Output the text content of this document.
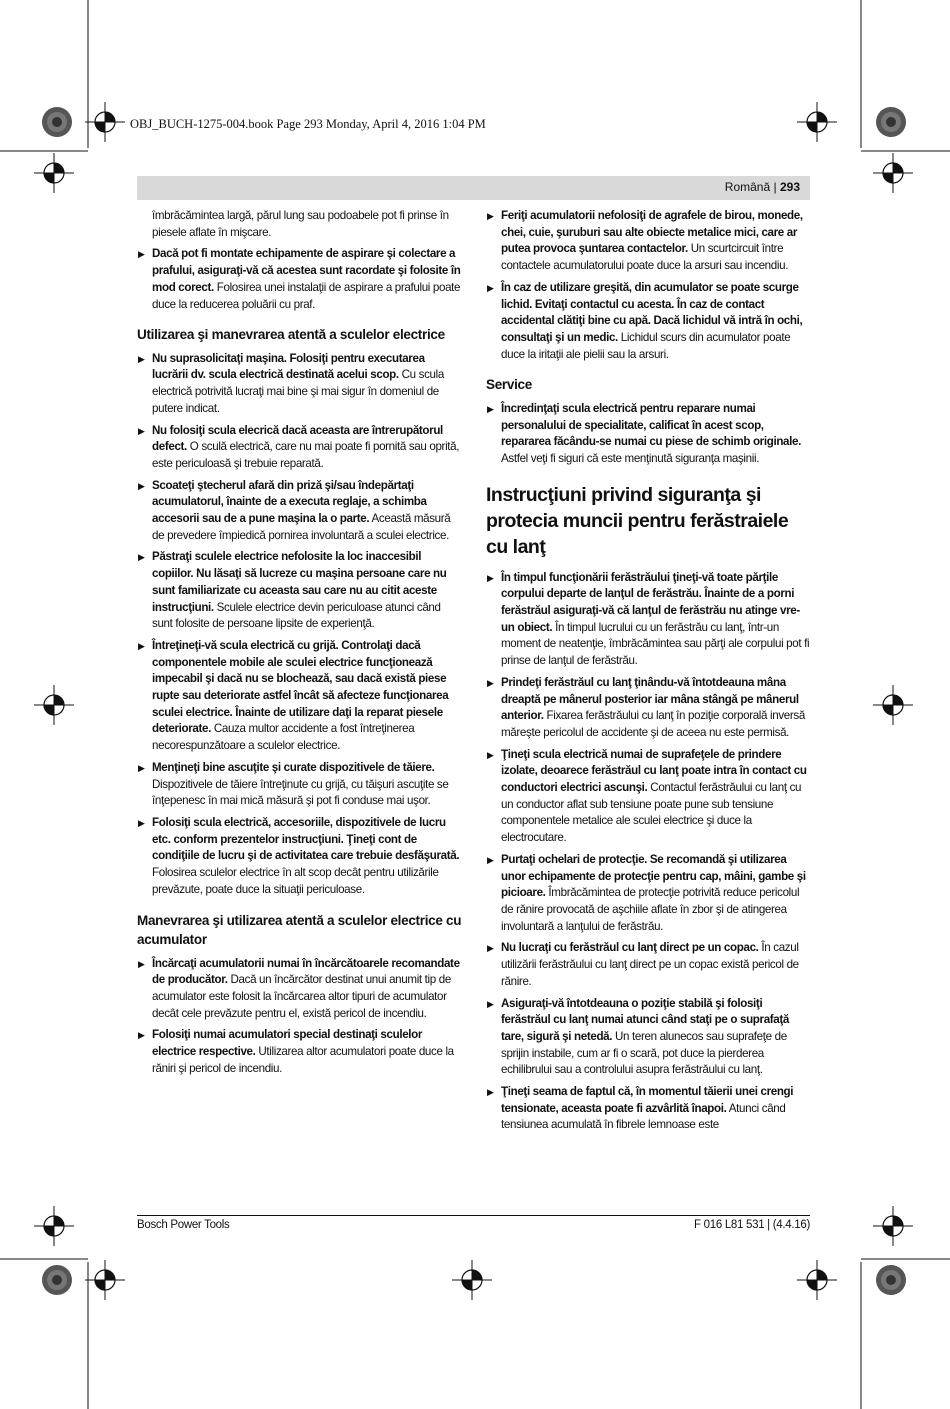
OBJ_BUCH-1275-004.book Page 293 Monday, April 4, 2016 1:04 PM
Română | 293
îmbrăcămintea largă, părul lung sau podoabele pot fi prinse în piesele aflate în mişcare.
▶ Dacă pot fi montate echipamente de aspirare şi colectare a prafului, asiguraţi-vă că acestea sunt racordate şi folosite în mod corect. Folosirea unei instalaţii de aspirare a prafului poate duce la reducerea poluării cu praf.
Utilizarea şi manevrarea atentă a sculelor electrice
▶ Nu suprasolicitaţi maşina. Folosiţi pentru executarea lucrării dv. scula electrică destinată acelui scop. Cu scula electrică potrivită lucraţi mai bine şi mai sigur în domeniul de putere indicat.
▶ Nu folosiţi scula elecrică dacă aceasta are întrerupătorul defect. O sculă electrică, care nu mai poate fi pornită sau oprită, este periculoasă şi trebuie reparată.
▶ Scoateţi ştecherul afară din priză şi/sau îndepărtaţi acumulatorul, înainte de a executa reglaje, a schimba accesorii sau de a pune maşina la o parte. Această măsură de prevedere împiedică pornirea involuntară a sculei electrice.
▶ Păstraţi sculele electrice nefolosite la loc inaccesibil copiilor. Nu lăsaţi să lucreze cu maşina persoane care nu sunt familiarizate cu aceasta sau care nu au citit aceste instrucţiuni. Sculele electrice devin periculoase atunci când sunt folosite de persoane lipsite de experienţă.
▶ Întreţineţi-vă scula electrică cu grijă. Controlaţi dacă componentele mobile ale sculei electrice funcţionează impecabil şi dacă nu se blochează, sau dacă există piese rupte sau deteriorate astfel încât să afecteze funcţionarea sculei electrice. Înainte de utilizare daţi la reparat piesele deteriorate. Cauza multor accidente a fost întreţinerea necorespunzătoare a sculelor electrice.
▶ Menţineţi bine ascuţite şi curate dispozitivele de tăiere. Dispozitivele de tăiere întreţinute cu grijă, cu tăişuri ascuţite se înţepenesc în mai mică măsură şi pot fi conduse mai uşor.
▶ Folosiţi scula electrică, accesoriile, dispozitivele de lucru etc. conform prezentelor instrucţiuni. Ţineţi cont de condiţiile de lucru şi de activitatea care trebuie desfăşurată. Folosirea sculelor electrice în alt scop decât pentru utilizările prevăzute, poate duce la situaţii periculoase.
Manevrarea şi utilizarea atentă a sculelor electrice cu acumulator
▶ Încărcaţi acumulatorii numai în încărcătoarele recomandate de producător. Dacă un încărcător destinat unui anumit tip de acumulator este folosit la încărcarea altor tipuri de acumulator decât cele prevăzute pentru el, există pericol de incendiu.
▶ Folosiţi numai acumulatori special destinaţi sculelor electrice respective. Utilizarea altor acumulatori poate duce la răniri şi pericol de incendiu.
▶ Feriţi acumulatorii nefolosiţi de agrafele de birou, monede, chei, cuie, şuruburi sau alte obiecte metalice mici, care ar putea provoca şuntarea contactelor. Un scurtcircuit între contactele acumulatorului poate duce la arsuri sau incendiu.
▶ În caz de utilizare greşită, din acumulator se poate scurge lichid. Evitaţi contactul cu acesta. În caz de contact accidental clătiţi bine cu apă. Dacă lichidul vă intră în ochi, consultaţi şi un medic. Lichidul scurs din acumulator poate duce la iritaţii ale pielii sau la arsuri.
Service
▶ Încredinţaţi scula electrică pentru reparare numai personalului de specialitate, calificat în acest scop, repararea făcându-se numai cu piese de schimb originale. Astfel veţi fi siguri că este menţinută siguranţa maşinii.
Instrucţiuni privind siguranţa şi protecia muncii pentru ferăstraiele cu lanţ
▶ În timpul funcţionării ferăstrăului ţineţi-vă toate părţile corpului departe de lanţul de ferăstrău. Înainte de a porni ferăstrăul asiguraţi-vă că lanţul de ferăstrău nu atinge vre-un obiect. În timpul lucrului cu un ferăstrău cu lanţ, într-un moment de neatenţie, îmbrăcămintea sau părţi ale corpului pot fi prinse de lanţul de ferăstrău.
▶ Prindeţi ferăstrăul cu lanţ ţinându-vă întotdeauna mâna dreaptă pe mânerul posterior iar mâna stângă pe mânerul anterior. Fixarea ferăstrăului cu lanţ în poziţie corporală inversă măreşte pericolul de accidente şi de aceea nu este permisă.
▶ Ţineţi scula electrică numai de suprafeţele de prindere izolate, deoarece ferăstrăul cu lanţ poate intra în contact cu conductori electrici ascunşi. Contactul ferăstrăului cu lanţ cu un conductor aflat sub tensiune poate pune sub tensiune componentele metalice ale sculei electrice şi duce la electrocutare.
▶ Purtaţi ochelari de protecţie. Se recomandă şi utilizarea unor echipamente de protecţie pentru cap, mâini, gambe şi picioare. Îmbrăcămintea de protecţie potrivită reduce pericolul de rănire provocată de aşchiile aflate în zbor şi de atingerea involuntară a lanţului de ferăstrău.
▶ Nu lucraţi cu ferăstrăul cu lanţ direct pe un copac. În cazul utilizării ferăstrăului cu lanţ direct pe un copac există pericol de rănire.
▶ Asiguraţi-vă întotdeauna o poziţie stabilă şi folosiţi ferăstrăul cu lanţ numai atunci când staţi pe o suprafaţă tare, sigură şi netedă. Un teren alunecos sau suprafeţe de sprijin instabile, cum ar fi o scară, pot duce la pierderea echilibrului sau a controlului asupra ferăstrăului cu lanţ.
▶ Ţineţi seama de faptul că, în momentul tăierii unei crengi tensionate, aceasta poate fi azvârlită înapoi. Atunci când tensiunea acumulată în fibrele lemnoase este
Bosch Power Tools	F 016 L81 531 | (4.4.16)
